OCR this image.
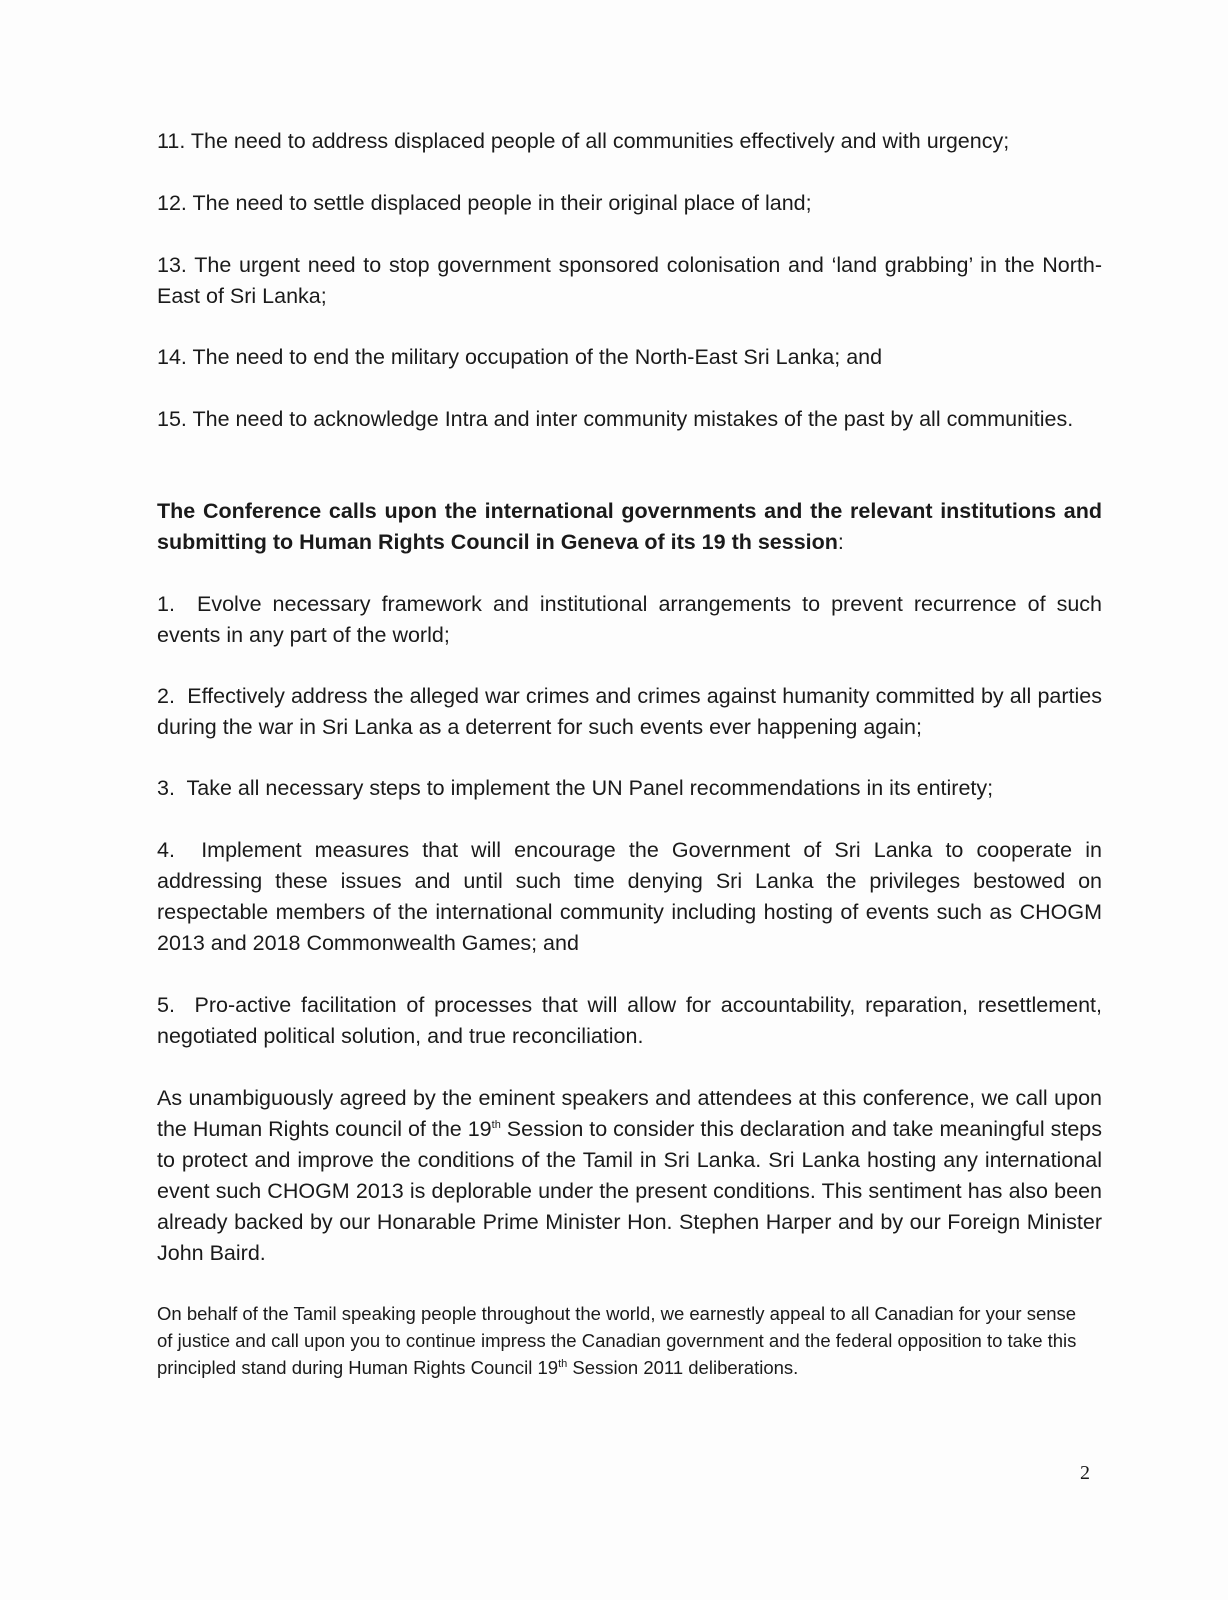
11. The need to address displaced people of all communities effectively and with urgency;
12. The need to settle displaced people in their original place of land;
13. The urgent need to stop government sponsored colonisation and ‘land grabbing’ in the North-East of Sri Lanka;
14. The need to end the military occupation of the North-East Sri Lanka; and
15. The need to acknowledge Intra and inter community mistakes of the past by all communities.
The Conference calls upon the international governments and the relevant institutions and submitting to Human Rights Council in Geneva of its 19 th session:
1. Evolve necessary framework and institutional arrangements to prevent recurrence of such events in any part of the world;
2. Effectively address the alleged war crimes and crimes against humanity committed by all parties during the war in Sri Lanka as a deterrent for such events ever happening again;
3. Take all necessary steps to implement the UN Panel recommendations in its entirety;
4. Implement measures that will encourage the Government of Sri Lanka to cooperate in addressing these issues and until such time denying Sri Lanka the privileges bestowed on respectable members of the international community including hosting of events such as CHOGM 2013 and 2018 Commonwealth Games; and
5. Pro-active facilitation of processes that will allow for accountability, reparation, resettlement, negotiated political solution, and true reconciliation.
As unambiguously agreed by the eminent speakers and attendees at this conference, we call upon the Human Rights council of the 19th Session to consider this declaration and take meaningful steps to protect and improve the conditions of the Tamil in Sri Lanka. Sri Lanka hosting any international event such CHOGM 2013 is deplorable under the present conditions. This sentiment has also been already backed by our Honarable Prime Minister Hon. Stephen Harper and by our Foreign Minister John Baird.
On behalf of the Tamil speaking people throughout the world, we earnestly appeal to all Canadian for your sense of justice and call upon you to continue impress the Canadian government and the federal opposition to take this principled stand during Human Rights Council 19th Session 2011 deliberations.
2
